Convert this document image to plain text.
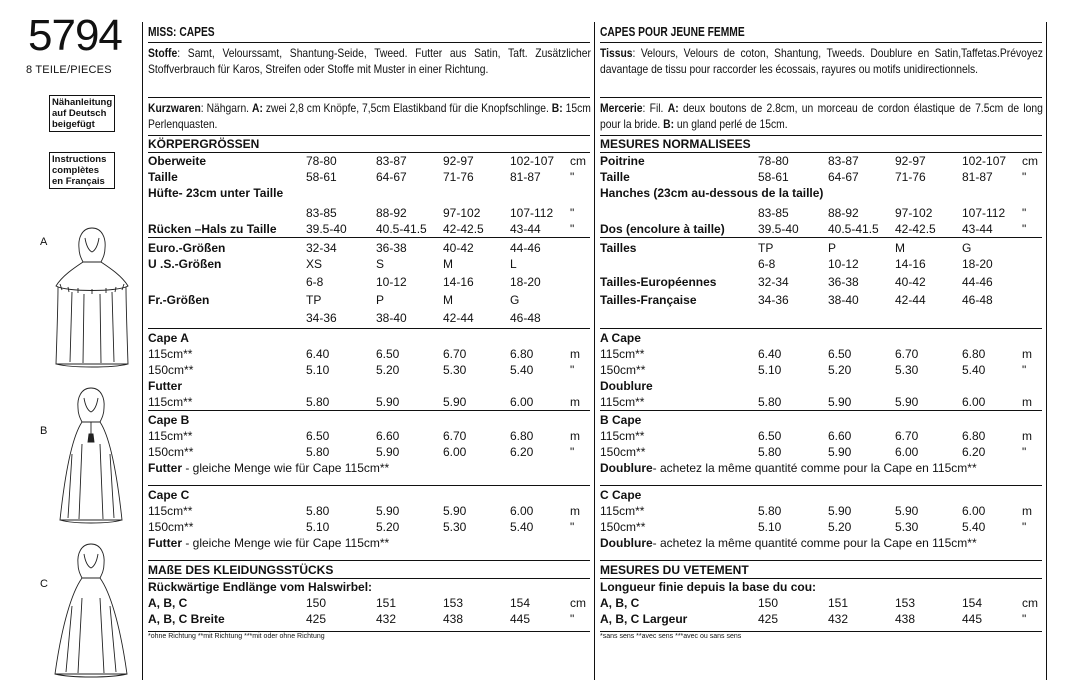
5794
8 TEILE/PIECES
Nähanleitung auf Deutsch beigefügt
Instructions complètes en Français
A
B
C
MISS: CAPES
Stoffe: Samt, Velourssamt, Shantung-Seide, Tweed. Futter aus Satin, Taft. Zusätzlicher Stoffverbrauch für Karos, Streifen oder Stoffe mit Muster in einer Richtung.
Kurzwaren: Nähgarn. A: zwei 2,8 cm Knöpfe, 7,5cm Elastikband für die Knopfschlinge. B: 15cm Perlenquasten.
KÖRPERGRÖSSEN
Oberweite	78-80	83-87	92-97	102-107 cm
Taille	58-61	64-67	71-76	81-87 "
Hüfte- 23cm unter Taille
83-85	88-92	97-102 107-112 "
Rücken –Hals zu Taille 39.5-40 40.5-41.5 42-42.5 43-44 "
Euro.-Größen	32-34	36-38	40-42	44-46
U .S.-Größen	XS	S	M	L
6-8	10-12	14-16	18-20
Fr.-Größen	TP	P	M	G
34-36	38-40	42-44	46-48
Cape A
115cm**	6.40	6.50	6.70	6.80	m
150cm**	5.10	5.20	5.30	5.40	"
Futter
115cm**	5.80	5.90	5.90	6.00	m
Cape B
115cm**	6.50	6.60	6.70	6.80	m
150cm**	5.80	5.90	6.00	6.20	"
Futter - gleiche Menge wie für Cape 115cm**
Cape C
115cm**	5.80	5.90	5.90	6.00	m
150cm**	5.10	5.20	5.30	5.40	"
Futter - gleiche Menge wie für Cape 115cm**
MAßE DES KLEIDUNGSSTÜCKS
Rückwärtige Endlänge vom Halswirbel:
A, B, C	150	151	153	154	cm
A, B, C Breite	425	432	438	445	"
*ohne Richtung **mit Richtung ***mit oder ohne Richtung
CAPES POUR JEUNE FEMME
Tissus: Velours, Velours de coton, Shantung, Tweeds. Doublure en Satin,Taffetas.Prévoyez davantage de tissu pour raccorder les écossais, rayures ou motifs unidirectionnels.
Mercerie: Fil. A: deux boutons de 2.8cm, un morceau de cordon élastique de 7.5cm de long pour la bride. B: un gland perlé de 15cm.
MESURES NORMALISEES
Poitrine	78-80	83-87	92-97	102-107 cm
Taille	58-61	64-67	71-76	81-87 "
Hanches (23cm au-dessous de la taille)
83-85	88-92	97-102 107-112 "
Dos (encolure à taille)	39.5-40 40.5-41.5 42-42.5 43-44 "
Tailles	TP	P	M	G
6-8	10-12	14-16	18-20
Tailles-Européennes	32-34	36-38	40-42	44-46
Tailles-Française	34-36	38-40	42-44	46-48
A Cape
115cm**	6.40	6.50	6.70	6.80	m
150cm**	5.10	5.20	5.30	5.40	"
Doublure
115cm**	5.80	5.90	5.90	6.00	m
B Cape
115cm**	6.50	6.60	6.70	6.80	m
150cm**	5.80	5.90	6.00	6.20	"
Doublure- achetez la même quantité comme pour la Cape en 115cm**
C Cape
115cm**	5.80	5.90	5.90	6.00	m
150cm**	5.10	5.20	5.30	5.40	"
Doublure- achetez la même quantité comme pour la Cape en 115cm**
MESURES DU VETEMENT
Longueur finie depuis la base du cou:
A, B, C	150	151	153	154	cm
A, B, C Largeur	425	432	438	445	"
*sans sens **avec sens ***avec ou sans sens
